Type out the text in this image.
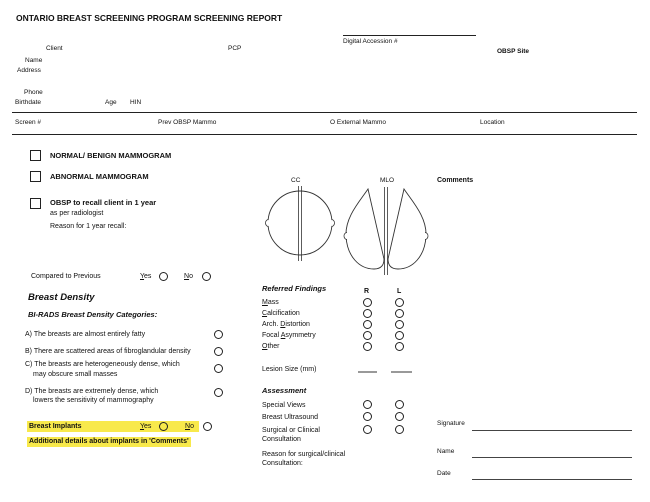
ONTARIO BREAST SCREENING PROGRAM SCREENING REPORT
Client	PCP
Digital Accession #
OBSP Site
Name
Address
Phone
Birthdate	Age HIN
Screen #	Prev OBSP Mammo	O External Mammo	Location
NORMAL/ BENIGN MAMMOGRAM
ABNORMAL MAMMOGRAM
OBSP to recall client in 1 year
as per radiologist
Reason for 1 year recall:
Compared to Previous	Yes	No
Breast Density
BI-RADS Breast Density Categories:
A) The breasts are almost entirely fatty
B) There are scattered areas of fibroglandular density
C) The breasts are heterogeneously dense, which
may obscure small masses
D) The breasts are extremely dense, which
lowers the sensitivity of mammography
Breast Implants	Yes	No
Additional details about implants in 'Comments'
CC	MLO	Comments
Referred Findings	R	L
Mass
Calcification
Arch. Distortion
Focal Asymmetry
Other
Lesion Size (mm)
Assessment
Special Views
Breast Ultrasound
Surgical or Clinical
Consultation
Reason for surgical/clinical
Consultation:
Signature
Name
Date
